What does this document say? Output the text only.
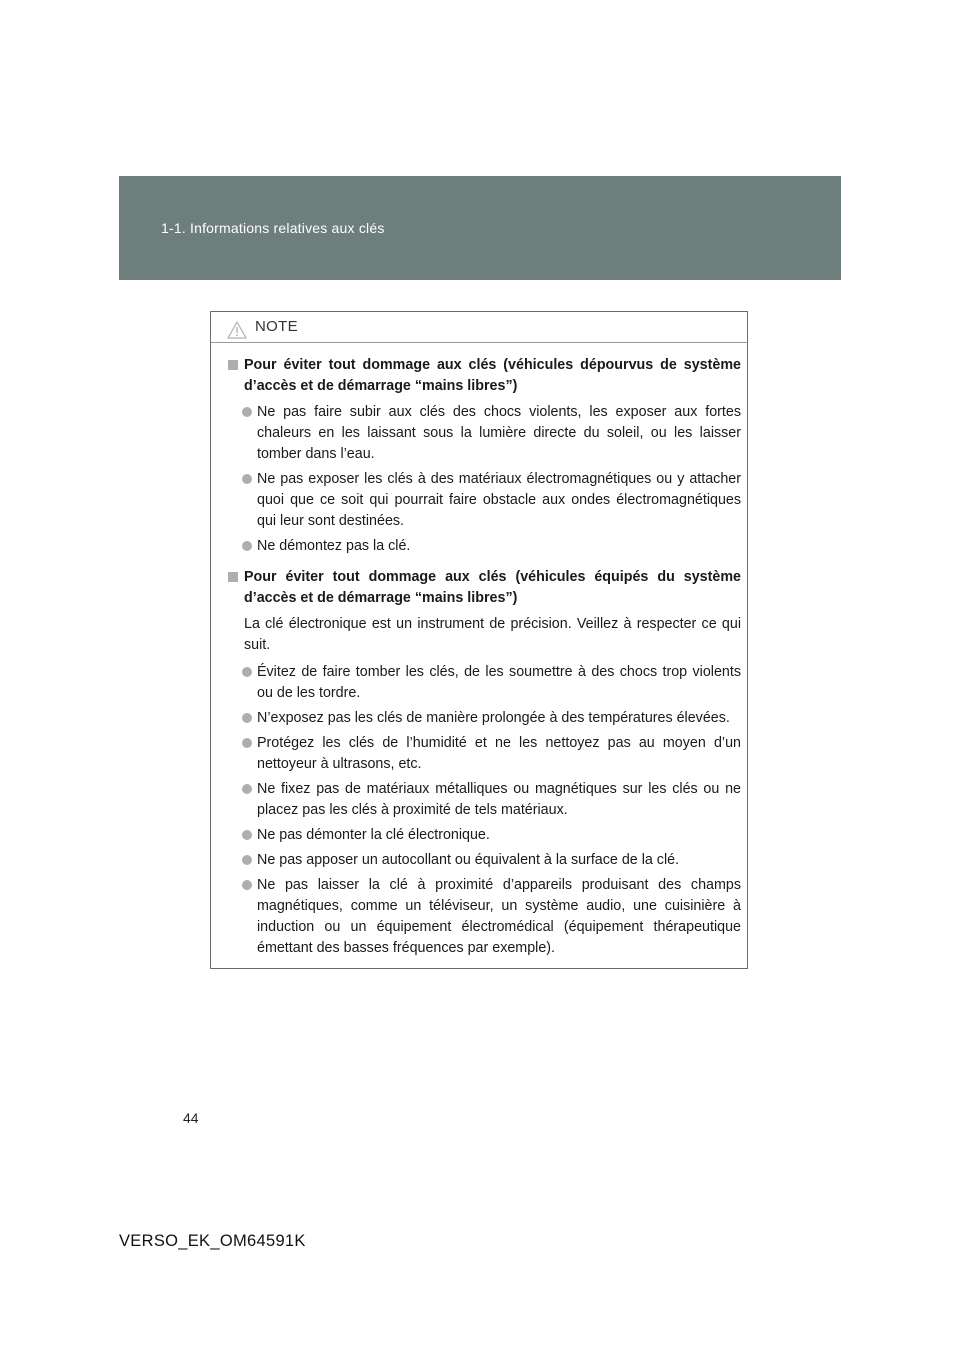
1-1. Informations relatives aux clés
NOTE
Pour éviter tout dommage aux clés (véhicules dépourvus de système d’accès et de démarrage “mains libres”)
Ne pas faire subir aux clés des chocs violents, les exposer aux fortes chaleurs en les laissant sous la lumière directe du soleil, ou les laisser tomber dans l’eau.
Ne pas exposer les clés à des matériaux électromagnétiques ou y attacher quoi que ce soit qui pourrait faire obstacle aux ondes électromagnétiques qui leur sont destinées.
Ne démontez pas la clé.
Pour éviter tout dommage aux clés (véhicules équipés du système d’accès et de démarrage “mains libres”)
La clé électronique est un instrument de précision. Veillez à respecter ce qui suit.
Évitez de faire tomber les clés, de les soumettre à des chocs trop violents ou de les tordre.
N’exposez pas les clés de manière prolongée à des températures élevées.
Protégez les clés de l’humidité et ne les nettoyez pas au moyen d’un nettoyeur à ultrasons, etc.
Ne fixez pas de matériaux métalliques ou magnétiques sur les clés ou ne placez pas les clés à proximité de tels matériaux.
Ne pas démonter la clé électronique.
Ne pas apposer un autocollant ou équivalent à la surface de la clé.
Ne pas laisser la clé à proximité d’appareils produisant des champs magnétiques, comme un téléviseur, un système audio, une cuisinière à induction ou un équipement électromédical (équipement thérapeutique émettant des basses fréquences par exemple).
44
VERSO_EK_OM64591K
